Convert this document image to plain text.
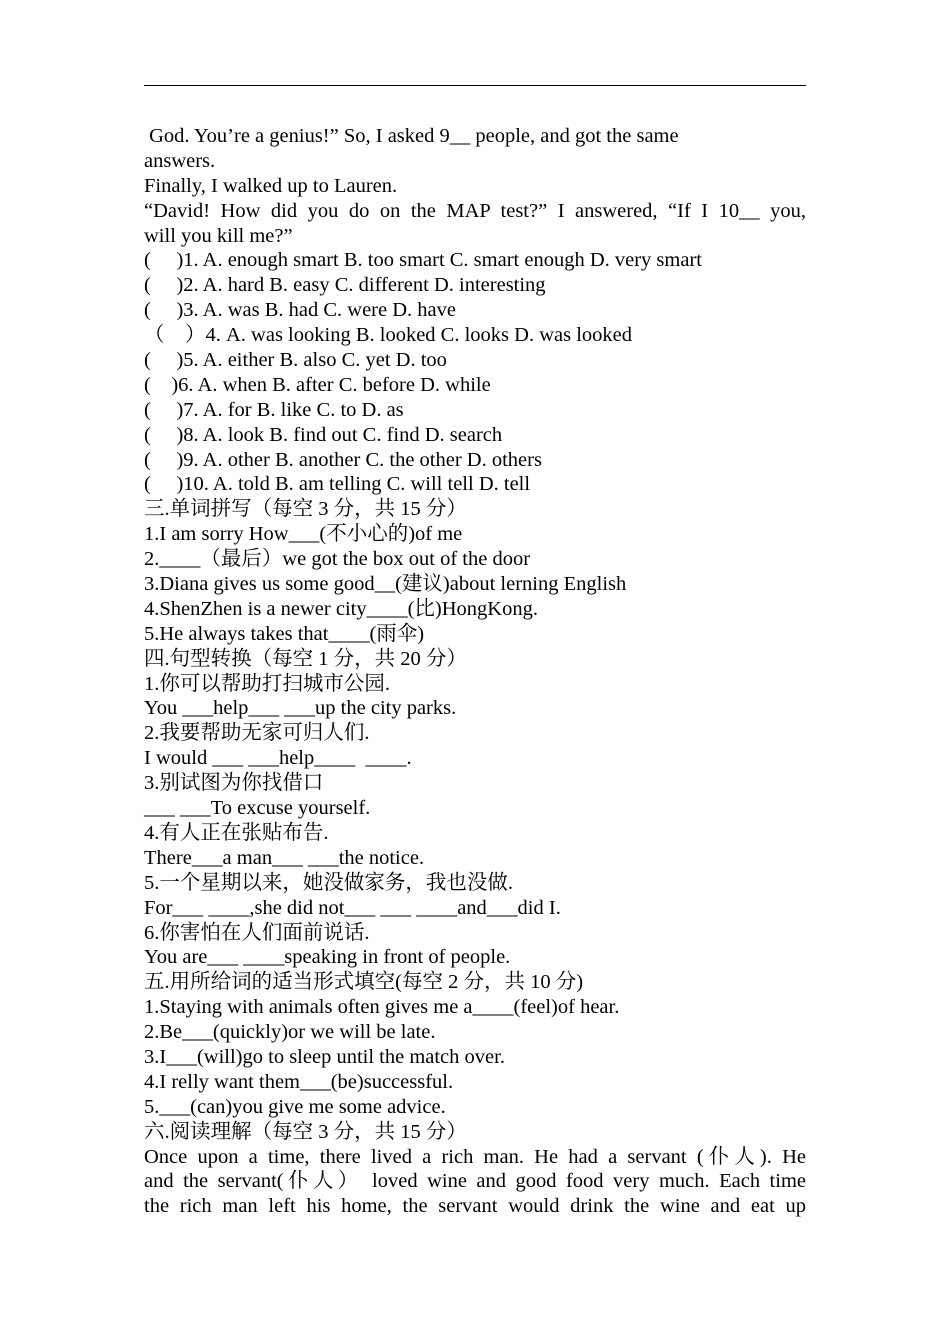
God. You’re a genius!” So, I asked 9__ people, and got the same
answers.
Finally, I walked up to Lauren.
“David! How did you do on the MAP test?” I answered, “If I 10__ you,
will you kill me?”
(     )1. A. enough smart B. too smart C. smart enough D. very smart
(     )2. A. hard B. easy C. different D. interesting
(     )3. A. was B. had C. were D. have
（    ）4. A. was looking B. looked C. looks D. was looked
(     )5. A. either B. also C. yet D. too
(    )6. A. when B. after C. before D. while
(     )7. A. for B. like C. to D. as
(     )8. A. look B. find out C. find D. search
(     )9. A. other B. another C. the other D. others
(     )10. A. told B. am telling C. will tell D. tell
三.单词拼写（每空 3 分，共 15 分）
1.I am sorry How___(不小心的)of me
2.____（最后）we got the box out of the door
3.Diana gives us some good__(建议)about lerning English
4.ShenZhen is a newer city____(比)HongKong.
5.He always takes that____(雨伞)
四.句型转换（每空 1 分，共 20 分）
1.你可以帮助打扫城市公园.
You ___help___ ___up the city parks.
2.我要帮助无家可归人们.
I would ___ ___help____  ____.
3.别试图为你找借口
___ ___To excuse yourself.
4.有人正在张贴布告.
There___a man___ ___the notice.
5.一个星期以来，她没做家务，我也没做.
For___ ____,she did not___ ___ ____and___did I.
6.你害怕在人们面前说话.
You are___ ____speaking in front of people.
五.用所给词的适当形式填空(每空 2 分，共 10 分)
1.Staying with animals often gives me a____(feel)of hear.
2.Be___(quickly)or we will be late.
3.I___(will)go to sleep until the match over.
4.I relly want them___(be)successful.
5.___(can)you give me some advice.
六.阅读理解（每空 3 分，共 15 分）
Once upon a time, there lived a rich man. He had a servant (仆人). He
and the servant(仆人） loved wine and good food very much. Each time
the rich man left his home, the servant would drink the wine and eat up
